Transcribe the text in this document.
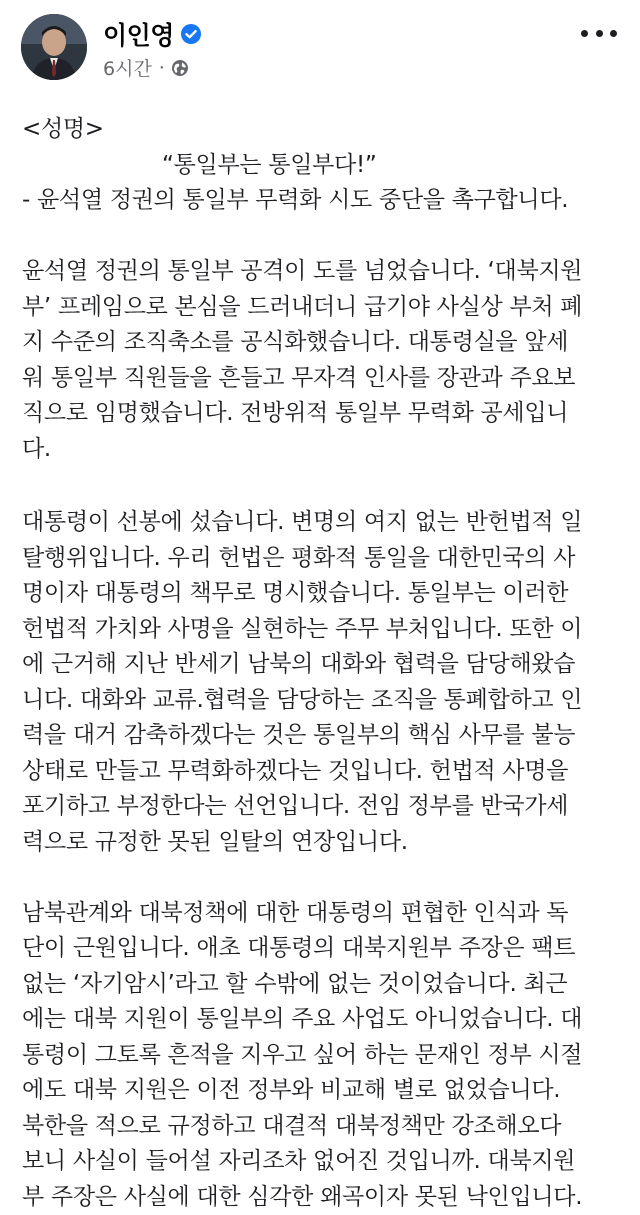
이인영
6시간 ·
<성명>
“통일부는 통일부다!”
- 윤석열 정권의 통일부 무력화 시도 중단을 촉구합니다.

윤석열 정권의 통일부 공격이 도를 넘었습니다. ‘대북지원
부’ 프레임으로 본심을 드러내더니 급기야 사실상 부처 폐
지 수준의 조직축소를 공식화했습니다. 대통령실을 앞세
워 통일부 직원들을 흔들고 무자격 인사를 장관과 주요보
직으로 임명했습니다. 전방위적 통일부 무력화 공세입니
다.

대통령이 선봉에 섰습니다. 변명의 여지 없는 반헌법적 일
탈행위입니다. 우리 헌법은 평화적 통일을 대한민국의 사
명이자 대통령의 책무로 명시했습니다. 통일부는 이러한
헌법적 가치와 사명을 실현하는 주무 부처입니다. 또한 이
에 근거해 지난 반세기 남북의 대화와 협력을 담당해왔습
니다. 대화와 교류.협력을 담당하는 조직을 통폐합하고 인
력을 대거 감축하겠다는 것은 통일부의 핵심 사무를 불능
상태로 만들고 무력화하겠다는 것입니다. 헌법적 사명을
포기하고 부정한다는 선언입니다. 전임 정부를 반국가세
력으로 규정한 못된 일탈의 연장입니다.

남북관계와 대북정책에 대한 대통령의 편협한 인식과 독
단이 근원입니다. 애초 대통령의 대북지원부 주장은 팩트
없는 ‘자기암시’라고 할 수밖에 없는 것이었습니다. 최근
에는 대북 지원이 통일부의 주요 사업도 아니었습니다. 대
통령이 그토록 흔적을 지우고 싶어 하는 문재인 정부 시절
에도 대북 지원은 이전 정부와 비교해 별로 없었습니다.
북한을 적으로 규정하고 대결적 대북정책만 강조해오다
보니 사실이 들어설 자리조차 없어진 것입니까. 대북지원
부 주장은 사실에 대한 심각한 왜곡이자 못된 낙인입니다.
